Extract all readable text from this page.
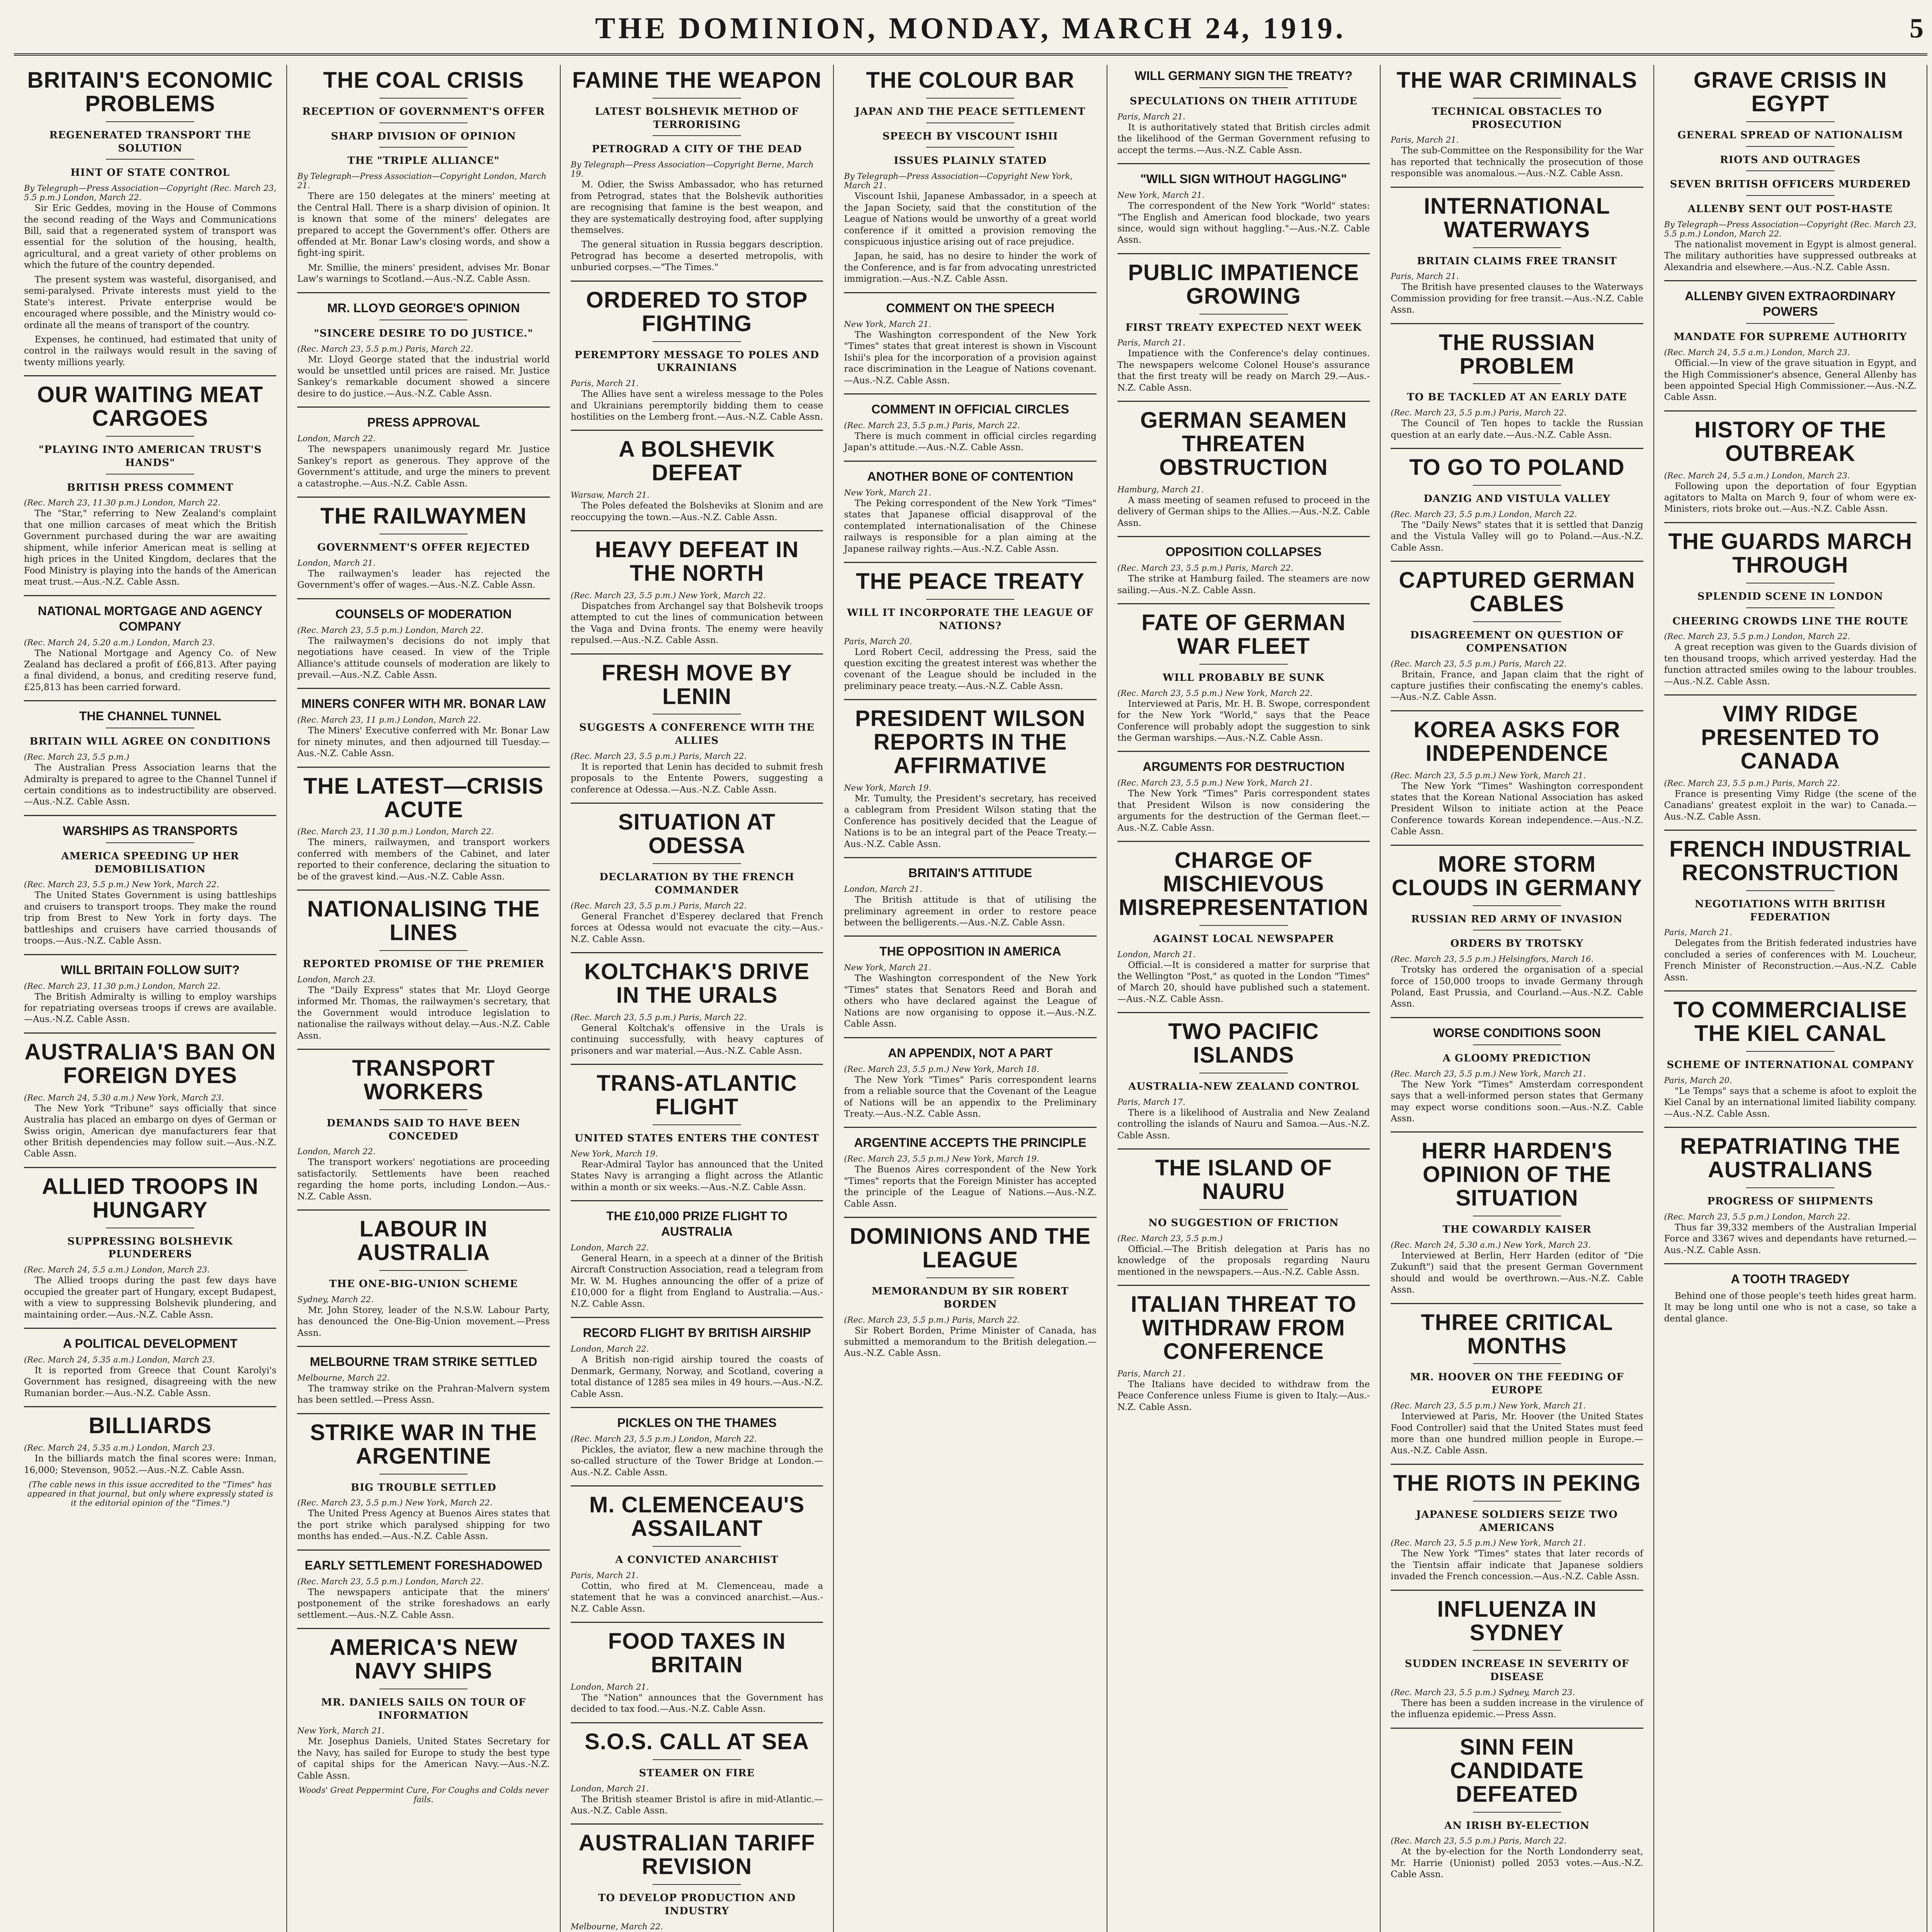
THE DOMINION, MONDAY, MARCH 24, 1919.	5
BRITAIN'S ECONOMIC PROBLEMS
REGENERATED TRANSPORT THE SOLUTION
HINT OF STATE CONTROL
By Telegraph—Press Association—Copyright (Rec. March 23, 5.5 p.m.) London, March 22.

Sir Eric Geddes, moving in the House of Commons the second reading of the Ways and Communications Bill, said that a regenerated system of transport was essential for the solution of the housing, health, agricultural, and a great variety of other problems on which the future of the country depended.

The present system was wasteful, disorganised, and semi-paralysed. Private interests must yield to the State's interest. Private enterprise would be encouraged where possible, and the Ministry would co-ordinate all the means of transport of the country.

Expenses, he continued, had estimated that unity of control in the railways would result in the saving of twenty millions yearly.

OUR WAITING MEAT CARGOES
"PLAYING INTO AMERICAN TRUST'S HANDS"
BRITISH PRESS COMMENT
(Rec. March 23, 11.30 p.m.) London, March 22.

The "Star," referring to New Zealand's complaint that one million carcases of meat which the British Government purchased during the war are awaiting shipment, while inferior American meat is selling at high prices in the United Kingdom, declares that the Food Ministry is playing into the hands of the American meat trust.—Aus.-N.Z. Cable Assn.

NATIONAL MORTGAGE AND AGENCY COMPANY
(Rec. March 24, 5.20 a.m.) London, March 23.

The National Mortgage and Agency Co. of New Zealand has declared a profit of £66,813. After paying a final dividend, a bonus, and crediting reserve fund, £25,813 has been carried forward.

THE CHANNEL TUNNEL
BRITAIN WILL AGREE ON CONDITIONS
(Rec. March 23, 5.5 p.m.)

The Australian Press Association learns that the Admiralty is prepared to agree to the Channel Tunnel if certain conditions as to indestructibility are observed.—Aus.-N.Z. Cable Assn.

WARSHIPS AS TRANSPORTS
AMERICA SPEEDING UP HER DEMOBILISATION
(Rec. March 23, 5.5 p.m.) New York, March 22.

The United States Government is using battleships and cruisers to transport troops. They make the round trip from Brest to New York in forty days. The battleships and cruisers have carried thousands of troops.—Aus.-N.Z. Cable Assn.

WILL BRITAIN FOLLOW SUIT?
(Rec. March 23, 11.30 p.m.) London, March 22.

The British Admiralty is willing to employ warships for repatriating overseas troops if crews are available.—Aus.-N.Z. Cable Assn.

AUSTRALIA'S BAN ON FOREIGN DYES
(Rec. March 24, 5.30 a.m.) New York, March 23.

The New York "Tribune" says officially that since Australia has placed an embargo on dyes of German or Swiss origin, American dye manufacturers fear that other British dependencies may follow suit.—Aus.-N.Z. Cable Assn.

ALLIED TROOPS IN HUNGARY
SUPPRESSING BOLSHEVIK PLUNDERERS
(Rec. March 24, 5.5 a.m.) London, March 23.

The Allied troops during the past few days have occupied the greater part of Hungary, except Budapest, with a view to suppressing Bolshevik plundering, and maintaining order.—Aus.-N.Z. Cable Assn.

A POLITICAL DEVELOPMENT
(Rec. March 24, 5.35 a.m.) London, March 23.

It is reported from Greece that Count Karolyi's Government has resigned, disagreeing with the new Rumanian border.—Aus.-N.Z. Cable Assn.

BILLIARDS
(Rec. March 24, 5.35 a.m.) London, March 23.

In the billiards match the final scores were: Inman, 16,000; Stevenson, 9052.—Aus.-N.Z. Cable Assn.

(The cable news in this issue accredited to the "Times" has appeared in that journal, but only where expressly stated is it the editorial opinion of the "Times.")
THE COAL CRISIS
RECEPTION OF GOVERNMENT'S OFFER
SHARP DIVISION OF OPINION
THE "TRIPLE ALLIANCE"
By Telegraph—Press Association—Copyright London, March 21.

There are 150 delegates at the miners' meeting at the Central Hall. There is a sharp division of opinion. It is known that some of the miners' delegates are prepared to accept the Government's offer. Others are offended at Mr. Bonar Law's closing words, and show a fight-ing spirit.

Mr. Smillie, the miners' president, advises Mr. Bonar Law's warnings to Scotland.—Aus.-N.Z. Cable Assn.

MR. LLOYD GEORGE'S OPINION
"SINCERE DESIRE TO DO JUSTICE."
(Rec. March 23, 5.5 p.m.) Paris, March 22.

Mr. Lloyd George stated that the industrial world would be unsettled until prices are raised. Mr. Justice Sankey's remarkable document showed a sincere desire to do justice.—Aus.-N.Z. Cable Assn.

PRESS APPROVAL
London, March 22.

The newspapers unanimously regard Mr. Justice Sankey's report as generous. They approve of the Government's attitude, and urge the miners to prevent a catastrophe.—Aus.-N.Z. Cable Assn.

THE RAILWAYMEN
GOVERNMENT'S OFFER REJECTED
London, March 21.

The railwaymen's leader has rejected the Government's offer of wages.—Aus.-N.Z. Cable Assn.

COUNSELS OF MODERATION
(Rec. March 23, 5.5 p.m.) London, March 22.

The railwaymen's decisions do not imply that negotiations have ceased. In view of the Triple Alliance's attitude counsels of moderation are likely to prevail.—Aus.-N.Z. Cable Assn.

MINERS CONFER WITH MR. BONAR LAW
(Rec. March 23, 11 p.m.) London, March 22.

The Miners' Executive conferred with Mr. Bonar Law for ninety minutes, and then adjourned till Tuesday.—Aus.-N.Z. Cable Assn.

THE LATEST—CRISIS ACUTE
(Rec. March 23, 11.30 p.m.) London, March 22.

The miners, railwaymen, and transport workers conferred with members of the Cabinet, and later reported to their conference, declaring the situation to be of the gravest kind.—Aus.-N.Z. Cable Assn.

NATIONALISING THE LINES
REPORTED PROMISE OF THE PREMIER
London, March 23.

The "Daily Express" states that Mr. Lloyd George informed Mr. Thomas, the railwaymen's secretary, that the Government would introduce legislation to nationalise the railways without delay.—Aus.-N.Z. Cable Assn.

TRANSPORT WORKERS
DEMANDS SAID TO HAVE BEEN CONCEDED
London, March 22.

The transport workers' negotiations are proceeding satisfactorily. Settlements have been reached regarding the home ports, including London.—Aus.-N.Z. Cable Assn.

LABOUR IN AUSTRALIA
THE ONE-BIG-UNION SCHEME
Sydney, March 22.

Mr. John Storey, leader of the N.S.W. Labour Party, has denounced the One-Big-Union movement.—Press Assn.

MELBOURNE TRAM STRIKE SETTLED
Melbourne, March 22.

The tramway strike on the Prahran-Malvern system has been settled.—Press Assn.

STRIKE WAR IN THE ARGENTINE
BIG TROUBLE SETTLED
(Rec. March 23, 5.5 p.m.) New York, March 22.

The United Press Agency at Buenos Aires states that the port strike which paralysed shipping for two months has ended.—Aus.-N.Z. Cable Assn.

EARLY SETTLEMENT FORESHADOWED
(Rec. March 23, 5.5 p.m.) London, March 22.

The newspapers anticipate that the miners' postponement of the strike foreshadows an early settlement.—Aus.-N.Z. Cable Assn.

AMERICA'S NEW NAVY SHIPS
MR. DANIELS SAILS ON TOUR OF INFORMATION
New York, March 21.

Mr. Josephus Daniels, United States Secretary for the Navy, has sailed for Europe to study the best type of capital ships for the American Navy.—Aus.-N.Z. Cable Assn.

Woods' Great Peppermint Cure, For Coughs and Colds never fails.
FAMINE THE WEAPON
LATEST BOLSHEVIK METHOD OF TERRORISING
PETROGRAD A CITY OF THE DEAD
By Telegraph—Press Association—Copyright Berne, March 19.

M. Odier, the Swiss Ambassador, who has returned from Petrograd, states that the Bolshevik authorities are recognising that famine is the best weapon, and they are systematically destroying food, after supplying themselves.

The general situation in Russia beggars description. Petrograd has become a deserted metropolis, with unburied corpses.—"The Times."

ORDERED TO STOP FIGHTING
PEREMPTORY MESSAGE TO POLES AND UKRAINIANS
Paris, March 21.

The Allies have sent a wireless message to the Poles and Ukrainians peremptorily bidding them to cease hostilities on the Lemberg front.—Aus.-N.Z. Cable Assn.

A BOLSHEVIK DEFEAT
Warsaw, March 21.

The Poles defeated the Bolsheviks at Slonim and are reoccupying the town.—Aus.-N.Z. Cable Assn.

HEAVY DEFEAT IN THE NORTH
(Rec. March 23, 5.5 p.m.) New York, March 22.

Dispatches from Archangel say that Bolshevik troops attempted to cut the lines of communication between the Vaga and Dvina fronts. The enemy were heavily repulsed.—Aus.-N.Z. Cable Assn.

FRESH MOVE BY LENIN
SUGGESTS A CONFERENCE WITH THE ALLIES
(Rec. March 23, 5.5 p.m.) Paris, March 22.

It is reported that Lenin has decided to submit fresh proposals to the Entente Powers, suggesting a conference at Odessa.—Aus.-N.Z. Cable Assn.

SITUATION AT ODESSA
DECLARATION BY THE FRENCH COMMANDER
(Rec. March 23, 5.5 p.m.) Paris, March 22.

General Franchet d'Esperey declared that French forces at Odessa would not evacuate the city.—Aus.-N.Z. Cable Assn.

KOLTCHAK'S DRIVE IN THE URALS
(Rec. March 23, 5.5 p.m.) Paris, March 22.

General Koltchak's offensive in the Urals is continuing successfully, with heavy captures of prisoners and war material.—Aus.-N.Z. Cable Assn.

TRANS-ATLANTIC FLIGHT
UNITED STATES ENTERS THE CONTEST
New York, March 19.

Rear-Admiral Taylor has announced that the United States Navy is arranging a flight across the Atlantic within a month or six weeks.—Aus.-N.Z. Cable Assn.

THE £10,000 PRIZE FLIGHT TO AUSTRALIA
London, March 22.

General Hearn, in a speech at a dinner of the British Aircraft Construction Association, read a telegram from Mr. W. M. Hughes announcing the offer of a prize of £10,000 for a flight from England to Australia.—Aus.-N.Z. Cable Assn.

RECORD FLIGHT BY BRITISH AIRSHIP
London, March 22.

A British non-rigid airship toured the coasts of Denmark, Germany, Norway, and Scotland, covering a total distance of 1285 sea miles in 49 hours.—Aus.-N.Z. Cable Assn.

PICKLES ON THE THAMES
(Rec. March 23, 5.5 p.m.) London, March 22.

Pickles, the aviator, flew a new machine through the so-called structure of the Tower Bridge at London.—Aus.-N.Z. Cable Assn.

M. CLEMENCEAU'S ASSAILANT
A CONVICTED ANARCHIST
Paris, March 21.

Cottin, who fired at M. Clemenceau, made a statement that he was a convinced anarchist.—Aus.-N.Z. Cable Assn.

FOOD TAXES IN BRITAIN
London, March 21.

The "Nation" announces that the Government has decided to tax food.—Aus.-N.Z. Cable Assn.

S.O.S. CALL AT SEA
STEAMER ON FIRE
London, March 21.

The British steamer Bristol is afire in mid-Atlantic.—Aus.-N.Z. Cable Assn.

AUSTRALIAN TARIFF REVISION
TO DEVELOP PRODUCTION AND INDUSTRY
Melbourne, March 22.

THE COLOUR BAR
JAPAN AND THE PEACE SETTLEMENT
SPEECH BY VISCOUNT ISHII
ISSUES PLAINLY STATED
By Telegraph—Press Association—Copyright New York, March 21.

Viscount Ishii, Japanese Ambassador, in a speech at the Japan Society, said that the constitution of the League of Nations would be unworthy of a great world conference if it omitted a provision removing the conspicuous injustice arising out of race prejudice.

Japan, he said, has no desire to hinder the work of the Conference, and is far from advocating unrestricted immigration.—Aus.-N.Z. Cable Assn.

COMMENT ON THE SPEECH
New York, March 21.

The Washington correspondent of the New York "Times" states that great interest is shown in Viscount Ishii's plea for the incorporation of a provision against race discrimination in the League of Nations covenant.—Aus.-N.Z. Cable Assn.

COMMENT IN OFFICIAL CIRCLES
(Rec. March 23, 5.5 p.m.) Paris, March 22.

There is much comment in official circles regarding Japan's attitude.—Aus.-N.Z. Cable Assn.

ANOTHER BONE OF CONTENTION
New York, March 21.

The Peking correspondent of the New York "Times" states that Japanese official disapproval of the contemplated internationalisation of the Chinese railways is responsible for a plan aiming at the Japanese railway rights.—Aus.-N.Z. Cable Assn.

THE PEACE TREATY
WILL IT INCORPORATE THE LEAGUE OF NATIONS?
Paris, March 20.

Lord Robert Cecil, addressing the Press, said the question exciting the greatest interest was whether the covenant of the League should be included in the preliminary peace treaty.—Aus.-N.Z. Cable Assn.

PRESIDENT WILSON REPORTS IN THE AFFIRMATIVE
New York, March 19.

Mr. Tumulty, the President's secretary, has received a cablegram from President Wilson stating that the Conference has positively decided that the League of Nations is to be an integral part of the Peace Treaty.—Aus.-N.Z. Cable Assn.

BRITAIN'S ATTITUDE
London, March 21.

The British attitude is that of utilising the preliminary agreement in order to restore peace between the belligerents.—Aus.-N.Z. Cable Assn.

THE OPPOSITION IN AMERICA
New York, March 21.

The Washington correspondent of the New York "Times" states that Senators Reed and Borah and others who have declared against the League of Nations are now organising to oppose it.—Aus.-N.Z. Cable Assn.

AN APPENDIX, NOT A PART
(Rec. March 23, 5.5 p.m.) New York, March 18.

The New York "Times" Paris correspondent learns from a reliable source that the Covenant of the League of Nations will be an appendix to the Preliminary Treaty.—Aus.-N.Z. Cable Assn.

ARGENTINE ACCEPTS THE PRINCIPLE
(Rec. March 23, 5.5 p.m.) New York, March 19.

The Buenos Aires correspondent of the New York "Times" reports that the Foreign Minister has accepted the principle of the League of Nations.—Aus.-N.Z. Cable Assn.

DOMINIONS AND THE LEAGUE
MEMORANDUM BY SIR ROBERT BORDEN
(Rec. March 23, 5.5 p.m.) Paris, March 22.

Sir Robert Borden, Prime Minister of Canada, has submitted a memorandum to the British delegation.—Aus.-N.Z. Cable Assn.

WILL GERMANY SIGN THE TREATY?
SPECULATIONS ON THEIR ATTITUDE
Paris, March 21.

It is authoritatively stated that British circles admit the likelihood of the German Government refusing to accept the terms.—Aus.-N.Z. Cable Assn.

"WILL SIGN WITHOUT HAGGLING"
New York, March 21.

The correspondent of the New York "World" states: "The English and American food blockade, two years since, would sign without haggling."—Aus.-N.Z. Cable Assn.

PUBLIC IMPATIENCE GROWING
FIRST TREATY EXPECTED NEXT WEEK
Paris, March 21.

Impatience with the Conference's delay continues. The newspapers welcome Colonel House's assurance that the first treaty will be ready on March 29.—Aus.-N.Z. Cable Assn.

GERMAN SEAMEN THREATEN OBSTRUCTION
Hamburg, March 21.

A mass meeting of seamen refused to proceed in the delivery of German ships to the Allies.—Aus.-N.Z. Cable Assn.

OPPOSITION COLLAPSES
(Rec. March 23, 5.5 p.m.) Paris, March 22.

The strike at Hamburg failed. The steamers are now sailing.—Aus.-N.Z. Cable Assn.

FATE OF GERMAN WAR FLEET
WILL PROBABLY BE SUNK
(Rec. March 23, 5.5 p.m.) New York, March 22.

Interviewed at Paris, Mr. H. B. Swope, correspondent for the New York "World," says that the Peace Conference will probably adopt the suggestion to sink the German warships.—Aus.-N.Z. Cable Assn.

ARGUMENTS FOR DESTRUCTION
(Rec. March 23, 5.5 p.m.) New York, March 21.

The New York "Times" Paris correspondent states that President Wilson is now considering the arguments for the destruction of the German fleet.—Aus.-N.Z. Cable Assn.

CHARGE OF MISCHIEVOUS MISREPRESENTATION
AGAINST LOCAL NEWSPAPER
London, March 21.

Official.—It is considered a matter for surprise that the Wellington "Post," as quoted in the London "Times" of March 20, should have published such a statement.—Aus.-N.Z. Cable Assn.

TWO PACIFIC ISLANDS
AUSTRALIA-NEW ZEALAND CONTROL
Paris, March 17.

There is a likelihood of Australia and New Zealand controlling the islands of Nauru and Samoa.—Aus.-N.Z. Cable Assn.

THE ISLAND OF NAURU
NO SUGGESTION OF FRICTION
(Rec. March 23, 5.5 p.m.)

Official.—The British delegation at Paris has no knowledge of the proposals regarding Nauru mentioned in the newspapers.—Aus.-N.Z. Cable Assn.

ITALIAN THREAT TO WITHDRAW FROM CONFERENCE
Paris, March 21.

The Italians have decided to withdraw from the Peace Conference unless Fiume is given to Italy.—Aus.-N.Z. Cable Assn.

THE WAR CRIMINALS
TECHNICAL OBSTACLES TO PROSECUTION
Paris, March 21.

The sub-Committee on the Responsibility for the War has reported that technically the prosecution of those responsible was anomalous.—Aus.-N.Z. Cable Assn.

INTERNATIONAL WATERWAYS
BRITAIN CLAIMS FREE TRANSIT
Paris, March 21.

The British have presented clauses to the Waterways Commission providing for free transit.—Aus.-N.Z. Cable Assn.

THE RUSSIAN PROBLEM
TO BE TACKLED AT AN EARLY DATE
(Rec. March 23, 5.5 p.m.) Paris, March 22.

The Council of Ten hopes to tackle the Russian question at an early date.—Aus.-N.Z. Cable Assn.

TO GO TO POLAND
DANZIG AND VISTULA VALLEY
(Rec. March 23, 5.5 p.m.) London, March 22.

The "Daily News" states that it is settled that Danzig and the Vistula Valley will go to Poland.—Aus.-N.Z. Cable Assn.

CAPTURED GERMAN CABLES
DISAGREEMENT ON QUESTION OF COMPENSATION
(Rec. March 23, 5.5 p.m.) Paris, March 22.

Britain, France, and Japan claim that the right of capture justifies their confiscating the enemy's cables.—Aus.-N.Z. Cable Assn.

KOREA ASKS FOR INDEPENDENCE
(Rec. March 23, 5.5 p.m.) New York, March 21.

The New York "Times" Washington correspondent states that the Korean National Association has asked President Wilson to initiate action at the Peace Conference towards Korean independence.—Aus.-N.Z. Cable Assn.

MORE STORM CLOUDS IN GERMANY
RUSSIAN RED ARMY OF INVASION
ORDERS BY TROTSKY
(Rec. March 23, 5.5 p.m.) Helsingfors, March 16.

Trotsky has ordered the organisation of a special force of 150,000 troops to invade Germany through Poland, East Prussia, and Courland.—Aus.-N.Z. Cable Assn.

WORSE CONDITIONS SOON
A GLOOMY PREDICTION
(Rec. March 23, 5.5 p.m.) New York, March 21.

The New York "Times" Amsterdam correspondent says that a well-informed person states that Germany may expect worse conditions soon.—Aus.-N.Z. Cable Assn.

HERR HARDEN'S OPINION OF THE SITUATION
THE COWARDLY KAISER
(Rec. March 24, 5.30 a.m.) New York, March 23.

Interviewed at Berlin, Herr Harden (editor of "Die Zukunft") said that the present German Government should and would be overthrown.—Aus.-N.Z. Cable Assn.

THREE CRITICAL MONTHS
MR. HOOVER ON THE FEEDING OF EUROPE
(Rec. March 23, 5.5 p.m.) New York, March 21.

Interviewed at Paris, Mr. Hoover (the United States Food Controller) said that the United States must feed more than one hundred million people in Europe.—Aus.-N.Z. Cable Assn.

THE RIOTS IN PEKING
JAPANESE SOLDIERS SEIZE TWO AMERICANS
(Rec. March 23, 5.5 p.m.) New York, March 21.

The New York "Times" states that later records of the Tientsin affair indicate that Japanese soldiers invaded the French concession.—Aus.-N.Z. Cable Assn.

INFLUENZA IN SYDNEY
SUDDEN INCREASE IN SEVERITY OF DISEASE
(Rec. March 23, 5.5 p.m.) Sydney, March 23.

There has been a sudden increase in the virulence of the influenza epidemic.—Press Assn.

SINN FEIN CANDIDATE DEFEATED
AN IRISH BY-ELECTION
(Rec. March 23, 5.5 p.m.) Paris, March 22.

At the by-election for the North Londonderry seat, Mr. Harrie (Unionist) polled 2053 votes.—Aus.-N.Z. Cable Assn.

GRAVE CRISIS IN EGYPT
GENERAL SPREAD OF NATIONALISM
RIOTS AND OUTRAGES
SEVEN BRITISH OFFICERS MURDERED
ALLENBY SENT OUT POST-HASTE
By Telegraph—Press Association—Copyright (Rec. March 23, 5.5 p.m.) London, March 22.

The nationalist movement in Egypt is almost general. The military authorities have suppressed outbreaks at Alexandria and elsewhere.—Aus.-N.Z. Cable Assn.

ALLENBY GIVEN EXTRAORDINARY POWERS
MANDATE FOR SUPREME AUTHORITY
(Rec. March 24, 5.5 a.m.) London, March 23.

Official.—In view of the grave situation in Egypt, and the High Commissioner's absence, General Allenby has been appointed Special High Commissioner.—Aus.-N.Z. Cable Assn.

HISTORY OF THE OUTBREAK
(Rec. March 24, 5.5 a.m.) London, March 23.

Following upon the deportation of four Egyptian agitators to Malta on March 9, four of whom were ex-Ministers, riots broke out.—Aus.-N.Z. Cable Assn.

THE GUARDS MARCH THROUGH
SPLENDID SCENE IN LONDON
CHEERING CROWDS LINE THE ROUTE
(Rec. March 23, 5.5 p.m.) London, March 22.

A great reception was given to the Guards division of ten thousand troops, which arrived yesterday. Had the function attracted smiles owing to the labour troubles.—Aus.-N.Z. Cable Assn.

VIMY RIDGE PRESENTED TO CANADA
(Rec. March 23, 5.5 p.m.) Paris, March 22.

France is presenting Vimy Ridge (the scene of the Canadians' greatest exploit in the war) to Canada.—Aus.-N.Z. Cable Assn.

FRENCH INDUSTRIAL RECONSTRUCTION
NEGOTIATIONS WITH BRITISH FEDERATION
Paris, March 21.

Delegates from the British federated industries have concluded a series of conferences with M. Loucheur, French Minister of Reconstruction.—Aus.-N.Z. Cable Assn.

TO COMMERCIALISE THE KIEL CANAL
SCHEME OF INTERNATIONAL COMPANY
Paris, March 20.

"Le Temps" says that a scheme is afoot to exploit the Kiel Canal by an international limited liability company.—Aus.-N.Z. Cable Assn.

REPATRIATING THE AUSTRALIANS
PROGRESS OF SHIPMENTS
(Rec. March 23, 5.5 p.m.) London, March 22.

Thus far 39,332 members of the Australian Imperial Force and 3367 wives and dependants have returned.—Aus.-N.Z. Cable Assn.

A TOOTH TRAGEDY

Behind one of those people's teeth hides great harm. It may be long until one who is not a case, so take a dental glance.
